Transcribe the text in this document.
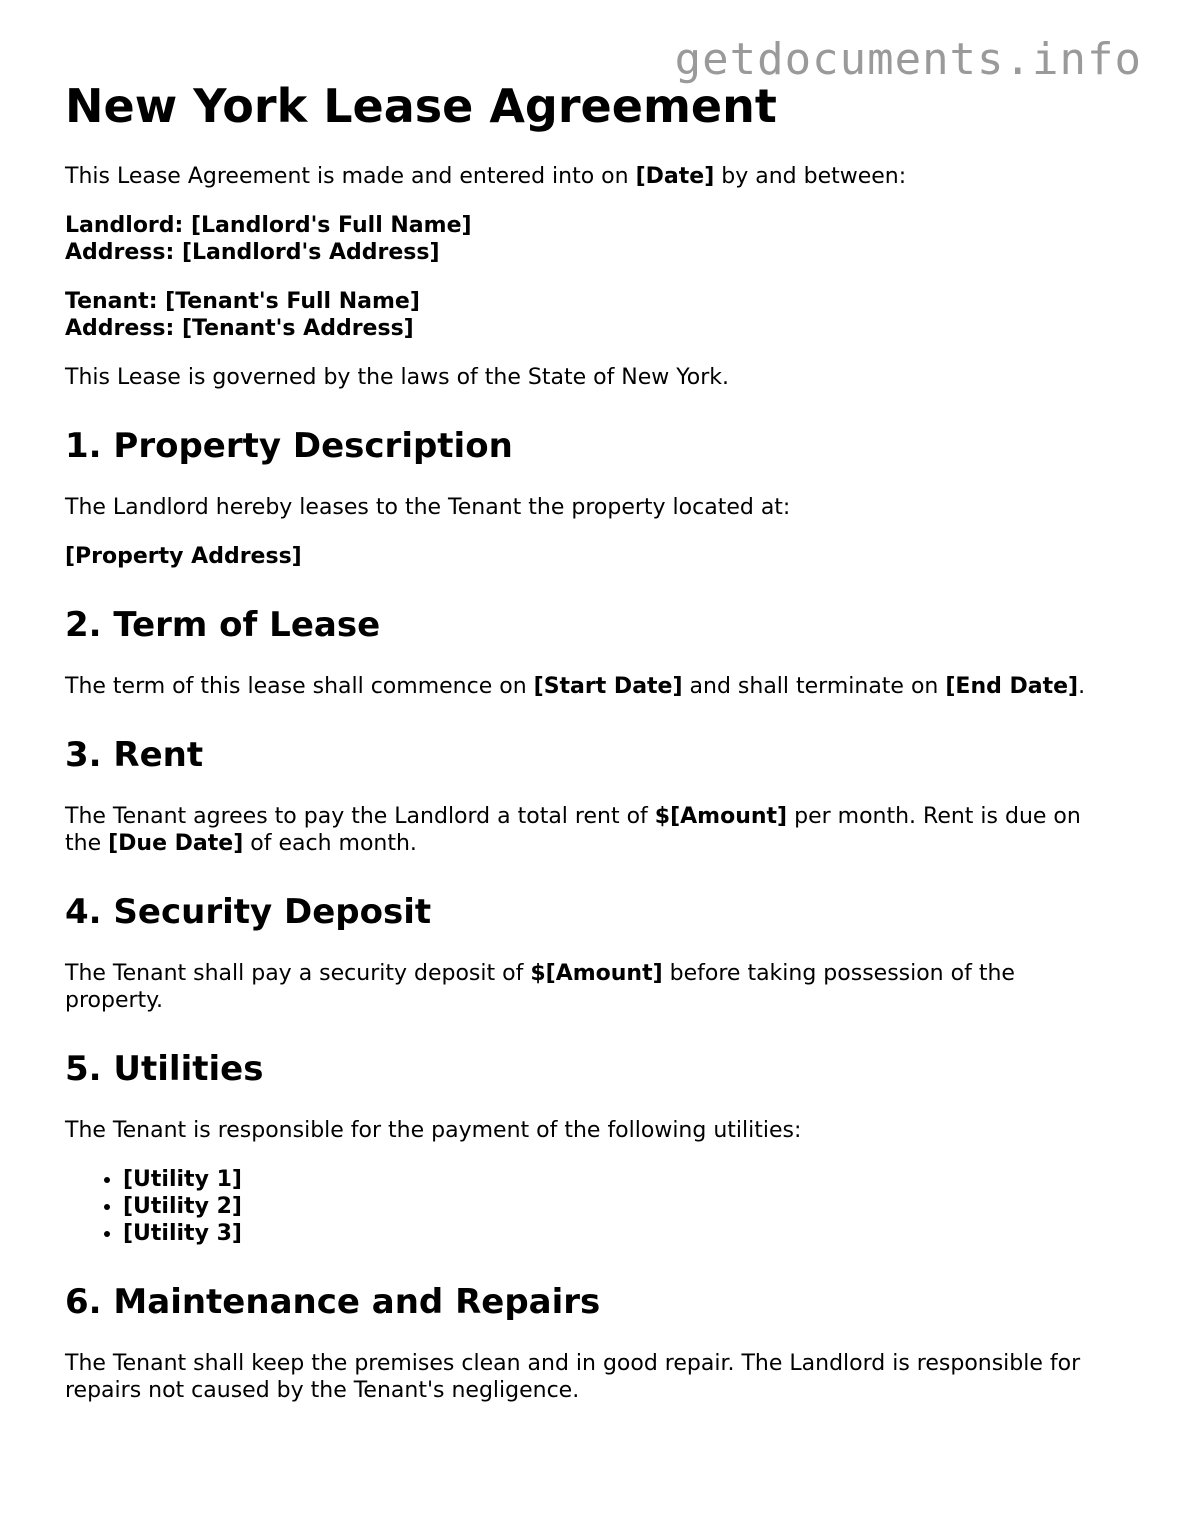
getdocuments.info
New York Lease Agreement

This Lease Agreement is made and entered into on [Date] by and between:

Landlord: [Landlord's Full Name]
Address: [Landlord's Address]

Tenant: [Tenant's Full Name]
Address: [Tenant's Address]

This Lease is governed by the laws of the State of New York.

1. Property Description

The Landlord hereby leases to the Tenant the property located at:

[Property Address]

2. Term of Lease

The term of this lease shall commence on [Start Date] and shall terminate on [End Date].

3. Rent

The Tenant agrees to pay the Landlord a total rent of $[Amount] per month. Rent is due on the [Due Date] of each month.

4. Security Deposit

The Tenant shall pay a security deposit of $[Amount] before taking possession of the property.

5. Utilities

The Tenant is responsible for the payment of the following utilities:

• [Utility 1]
• [Utility 2]
• [Utility 3]
6. Maintenance and Repairs

The Tenant shall keep the premises clean and in good repair. The Landlord is responsible for repairs not caused by the Tenant's negligence.
